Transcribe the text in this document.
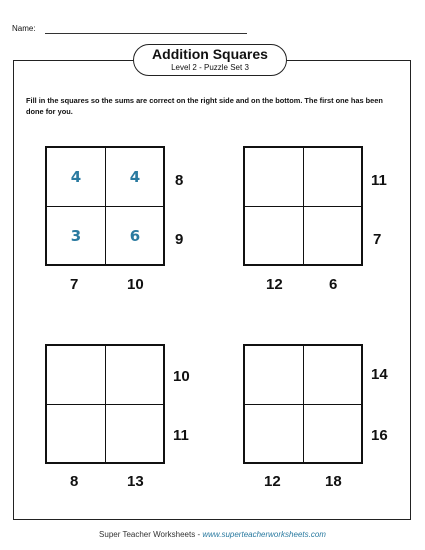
Name:
Addition Squares
Level 2 - Puzzle Set 3
Fill in the squares so the sums are correct on the right side and on the bottom. The first one has been done for you.
4	4
3	6
8
9
7	10
11
7
12	6
10
11
8	13
14
16
12	18
Super Teacher Worksheets - www.superteacherworksheets.com
